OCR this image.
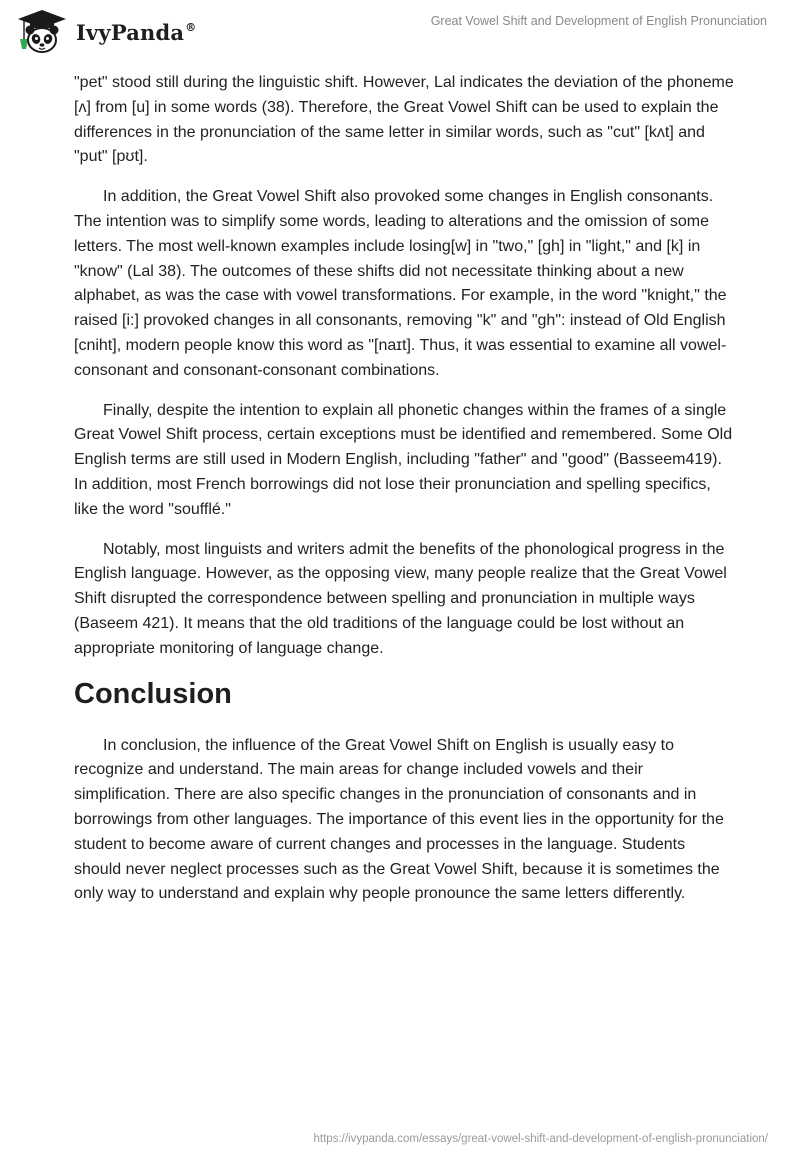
IvyPanda®	Great Vowel Shift and Development of English Pronunciation

"pet" stood still during the linguistic shift. However, Lal indicates the deviation of the phoneme [ʌ] from [u] in some words (38). Therefore, the Great Vowel Shift can be used to explain the differences in the pronunciation of the same letter in similar words, such as "cut" [kʌt] and "put" [pʊt].

In addition, the Great Vowel Shift also provoked some changes in English consonants. The intention was to simplify some words, leading to alterations and the omission of some letters. The most well-known examples include losing[w] in "two," [gh] in "light," and [k] in "know" (Lal 38). The outcomes of these shifts did not necessitate thinking about a new alphabet, as was the case with vowel transformations. For example, in the word "knight," the raised [i:] provoked changes in all consonants, removing "k" and "gh": instead of Old English [cniht], modern people know this word as "[naɪt]. Thus, it was essential to examine all vowel-consonant and consonant-consonant combinations.

Finally, despite the intention to explain all phonetic changes within the frames of a single Great Vowel Shift process, certain exceptions must be identified and remembered. Some Old English terms are still used in Modern English, including "father" and "good" (Basseem419). In addition, most French borrowings did not lose their pronunciation and spelling specifics, like the word "soufflé."

Notably, most linguists and writers admit the benefits of the phonological progress in the English language. However, as the opposing view, many people realize that the Great Vowel Shift disrupted the correspondence between spelling and pronunciation in multiple ways (Baseem 421). It means that the old traditions of the language could be lost without an appropriate monitoring of language change.

Conclusion

In conclusion, the influence of the Great Vowel Shift on English is usually easy to recognize and understand. The main areas for change included vowels and their simplification. There are also specific changes in the pronunciation of consonants and in borrowings from other languages. The importance of this event lies in the opportunity for the student to become aware of current changes and processes in the language. Students should never neglect processes such as the Great Vowel Shift, because it is sometimes the only way to understand and explain why people pronounce the same letters differently.

https://ivypanda.com/essays/great-vowel-shift-and-development-of-english-pronunciation/
